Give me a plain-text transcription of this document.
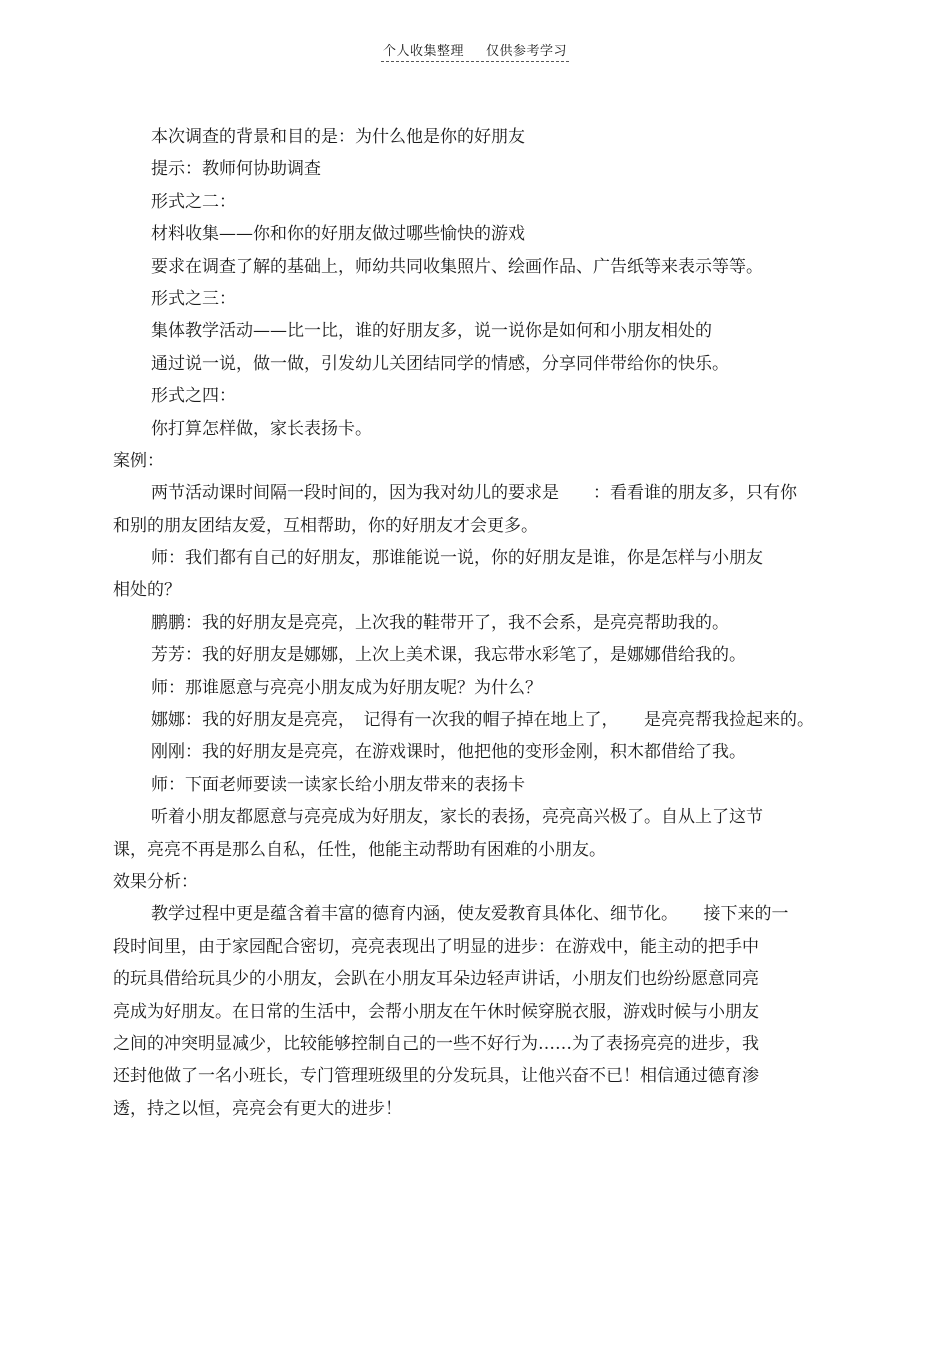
个人收集整理 仅供参考学习
本次调查的背景和目的是：为什么他是你的好朋友
提示：教师何协助调查
形式之二：
材料收集——你和你的好朋友做过哪些愉快的游戏
要求在调查了解的基础上，师幼共同收集照片、绘画作品、广告纸等来表示等等。
形式之三：
集体教学活动——比一比，谁的好朋友多，说一说你是如何和小朋友相处的
通过说一说，做一做，引发幼儿关团结同学的情感，分享同伴带给你的快乐。
形式之四：
你打算怎样做，家长表扬卡。
案例：
两节活动课时间隔一段时间的，因为我对幼儿的要求是　　：看看谁的朋友多，只有你
和别的朋友团结友爱，互相帮助，你的好朋友才会更多。
师：我们都有自己的好朋友，那谁能说一说，你的好朋友是谁，你是怎样与小朋友
相处的？
鹏鹏：我的好朋友是亮亮，上次我的鞋带开了，我不会系，是亮亮帮助我的。
芳芳：我的好朋友是娜娜，上次上美术课，我忘带水彩笔了，是娜娜借给我的。
师：那谁愿意与亮亮小朋友成为好朋友呢？为什么？
娜娜：我的好朋友是亮亮，　记得有一次我的帽子掉在地上了，　　是亮亮帮我捡起来的。
刚刚：我的好朋友是亮亮，在游戏课时，他把他的变形金刚，积木都借给了我。
师：下面老师要读一读家长给小朋友带来的表扬卡
听着小朋友都愿意与亮亮成为好朋友，家长的表扬，亮亮高兴极了。自从上了这节
课，亮亮不再是那么自私，任性，他能主动帮助有困难的小朋友。
效果分析：
教学过程中更是蕴含着丰富的德育内涵，使友爱教育具体化、细节化。　　接下来的一
段时间里，由于家园配合密切，亮亮表现出了明显的进步：在游戏中，能主动的把手中
的玩具借给玩具少的小朋友，会趴在小朋友耳朵边轻声讲话，小朋友们也纷纷愿意同亮
亮成为好朋友。在日常的生活中，会帮小朋友在午休时候穿脱衣服，游戏时候与小朋友
之间的冲突明显减少，比较能够控制自己的一些不好行为……为了表扬亮亮的进步，我
还封他做了一名小班长，专门管理班级里的分发玩具，让他兴奋不已！相信通过德育渗
透，持之以恒，亮亮会有更大的进步！
